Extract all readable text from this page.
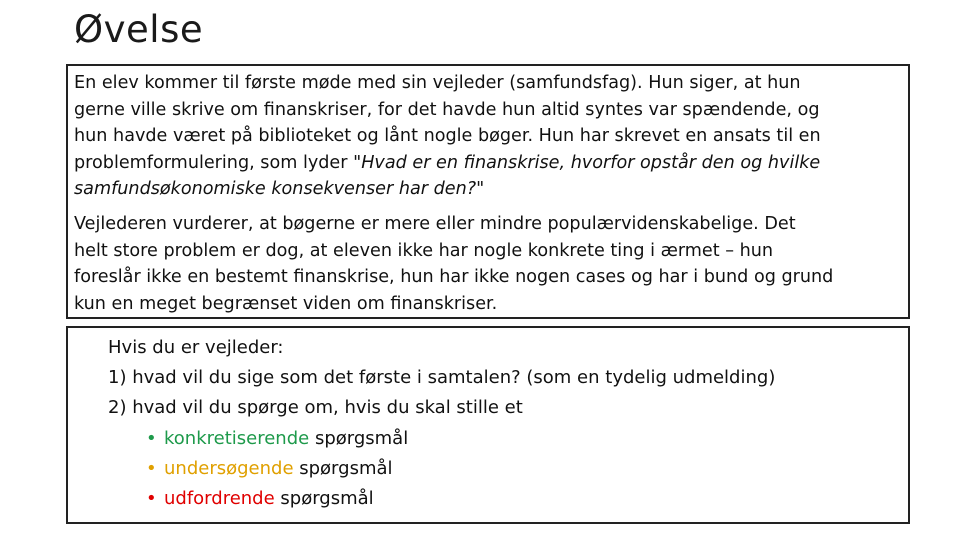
Øvelse

En elev kommer til første møde med sin vejleder (samfundsfag). Hun siger, at hun
gerne ville skrive om finanskriser, for det havde hun altid syntes var spændende, og
hun havde været på biblioteket og lånt nogle bøger. Hun har skrevet en ansats til en
problemformulering, som lyder "Hvad er en finanskrise, hvorfor opstår den og hvilke
samfundsøkonomiske konsekvenser har den?"

Vejlederen vurderer, at bøgerne er mere eller mindre populærvidenskabelige. Det
helt store problem er dog, at eleven ikke har nogle konkrete ting i ærmet – hun
foreslår ikke en bestemt finanskrise, hun har ikke nogen cases og har i bund og grund
kun en meget begrænset viden om finanskriser.

Hvis du er vejleder:
1) hvad vil du sige som det første i samtalen? (som en tydelig udmelding)
2) hvad vil du spørge om, hvis du skal stille et
• konkretiserende spørgsmål
• undersøgende spørgsmål
• udfordrende spørgsmål
